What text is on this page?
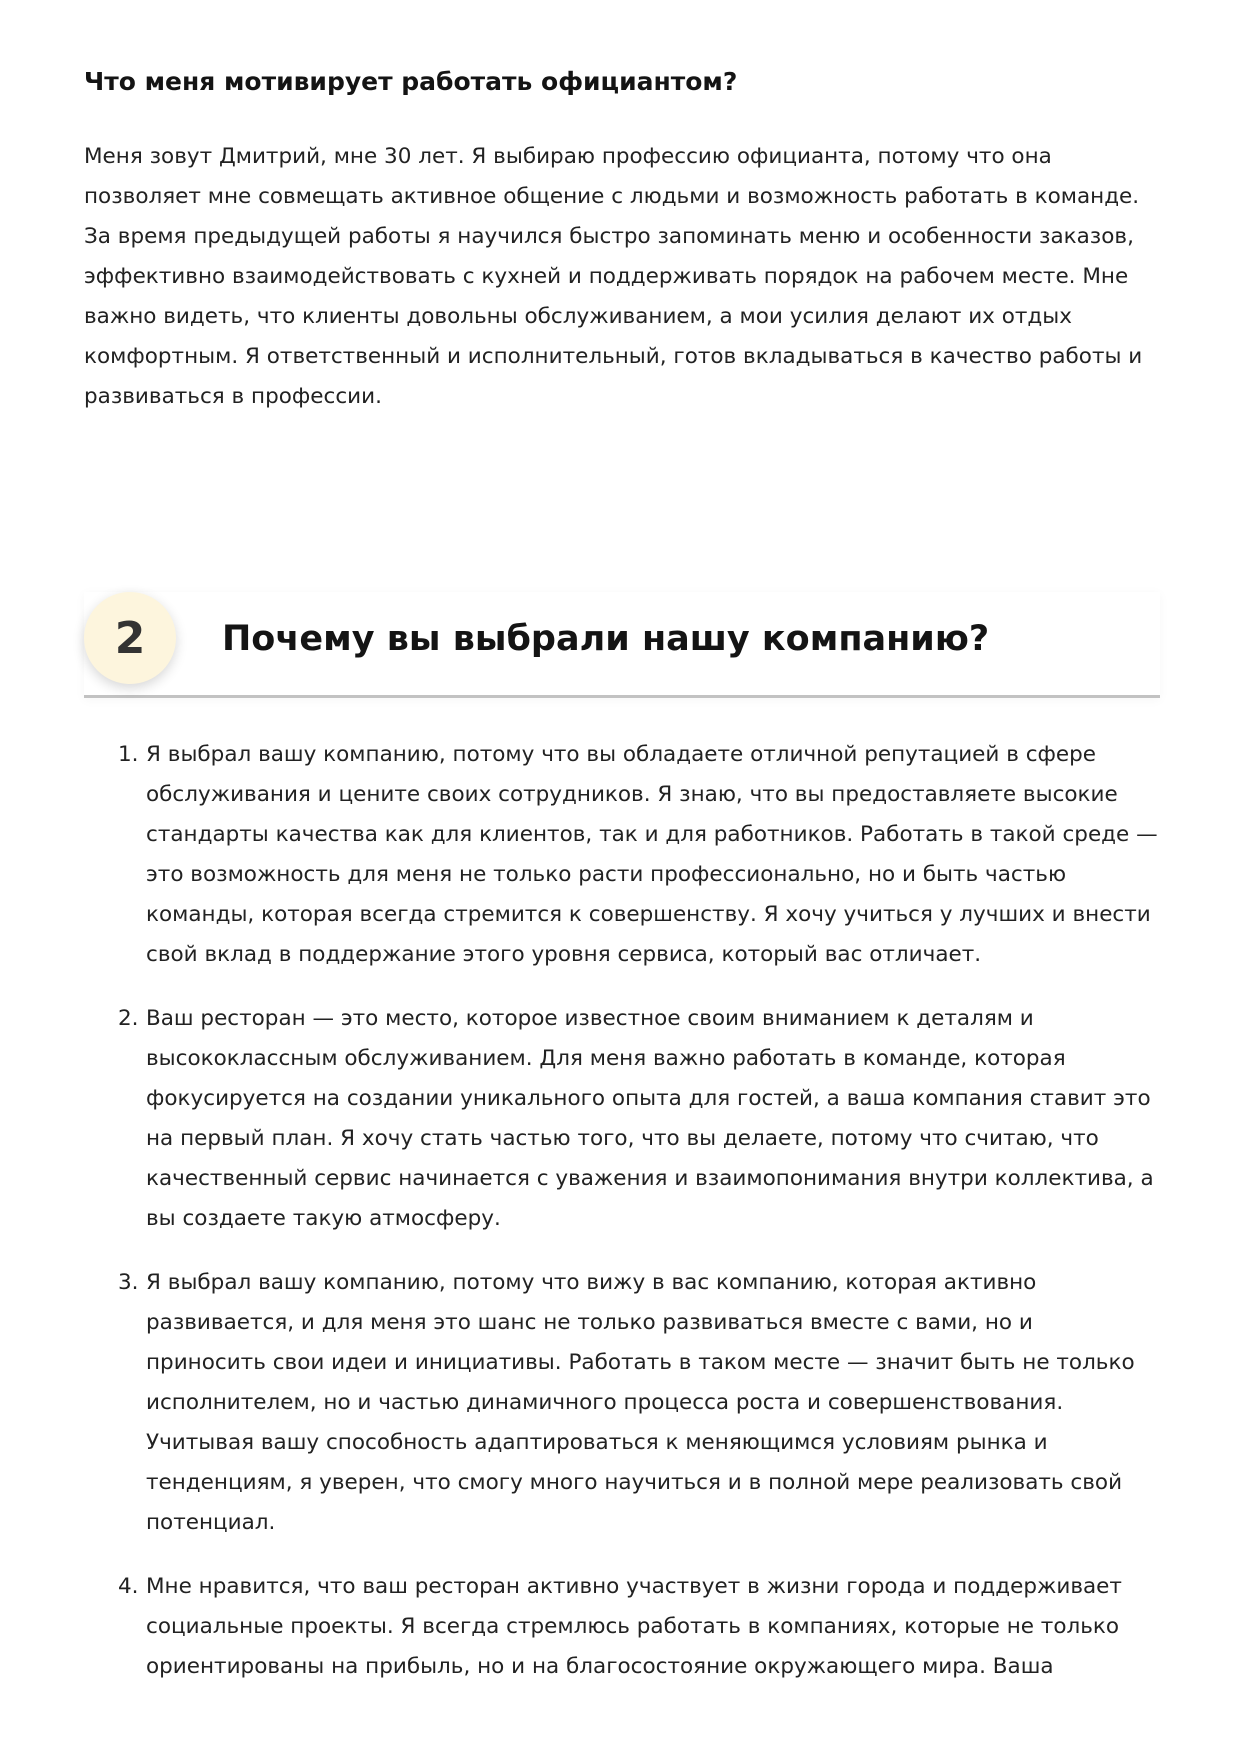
Что меня мотивирует работать официантом?

Меня зовут Дмитрий, мне 30 лет. Я выбираю профессию официанта, потому что она
позволяет мне совмещать активное общение с людьми и возможность работать в команде.
За время предыдущей работы я научился быстро запоминать меню и особенности заказов,
эффективно взаимодействовать с кухней и поддерживать порядок на рабочем месте. Мне
важно видеть, что клиенты довольны обслуживанием, а мои усилия делают их отдых
комфортным. Я ответственный и исполнительный, готов вкладываться в качество работы и
развиваться в профессии.

2	Почему вы выбрали нашу компанию?
1. Я выбрал вашу компанию, потому что вы обладаете отличной репутацией в сфере
обслуживания и цените своих сотрудников. Я знаю, что вы предоставляете высокие
стандарты качества как для клиентов, так и для работников. Работать в такой среде —
это возможность для меня не только расти профессионально, но и быть частью
команды, которая всегда стремится к совершенству. Я хочу учиться у лучших и внести
свой вклад в поддержание этого уровня сервиса, который вас отличает.
2. Ваш ресторан — это место, которое известное своим вниманием к деталям и
высококлассным обслуживанием. Для меня важно работать в команде, которая
фокусируется на создании уникального опыта для гостей, а ваша компания ставит это
на первый план. Я хочу стать частью того, что вы делаете, потому что считаю, что
качественный сервис начинается с уважения и взаимопонимания внутри коллектива, а
вы создаете такую атмосферу.
3. Я выбрал вашу компанию, потому что вижу в вас компанию, которая активно
развивается, и для меня это шанс не только развиваться вместе с вами, но и
приносить свои идеи и инициативы. Работать в таком месте — значит быть не только
исполнителем, но и частью динамичного процесса роста и совершенствования.
Учитывая вашу способность адаптироваться к меняющимся условиям рынка и
тенденциям, я уверен, что смогу много научиться и в полной мере реализовать свой
потенциал.
4. Мне нравится, что ваш ресторан активно участвует в жизни города и поддерживает
социальные проекты. Я всегда стремлюсь работать в компаниях, которые не только
ориентированы на прибыль, но и на благосостояние окружающего мира. Ваша
